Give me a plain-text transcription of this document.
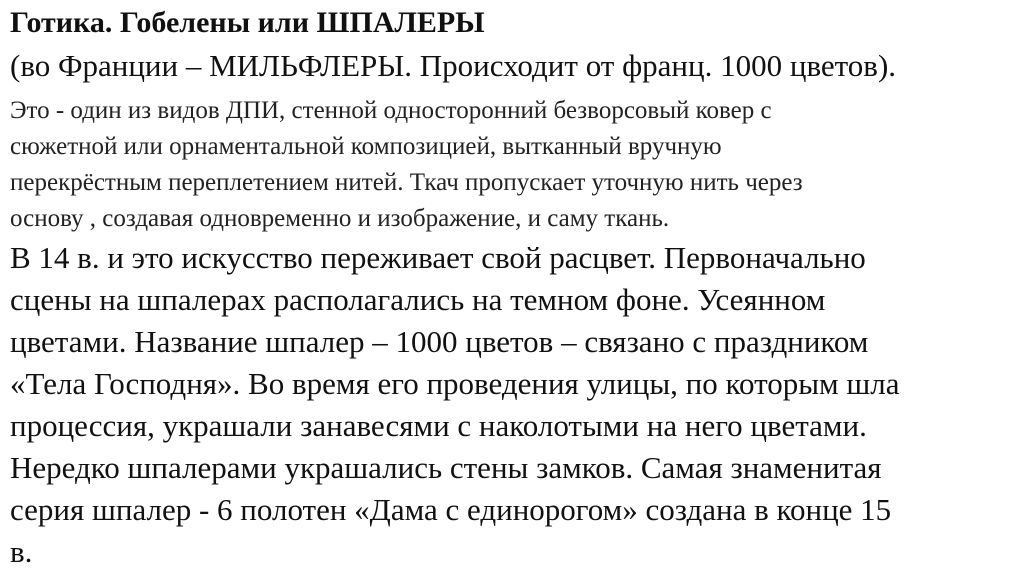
Готика. Гобелены или ШПАЛЕРЫ
(во Франции – МИЛЬФЛЕРЫ. Происходит от франц. 1000 цветов).
Это - один из видов ДПИ, стенной односторонний безворсовый ковер с
сюжетной или орнаментальной композицией, вытканный вручную
перекрёстным переплетением нитей. Ткач пропускает уточную нить через
основу , создавая одновременно и изображение, и саму ткань.
В 14 в. и это искусство переживает свой расцвет. Первоначально
сцены на шпалерах располагались на темном фоне. Усеянном
цветами. Название шпалер – 1000 цветов – связано с праздником
«Тела Господня». Во время его проведения улицы, по которым шла
процессия, украшали занавесями с наколотыми на него цветами.
Нередко шпалерами украшались стены замков. Самая знаменитая
серия шпалер - 6 полотен «Дама с единорогом» создана в конце 15
в.
